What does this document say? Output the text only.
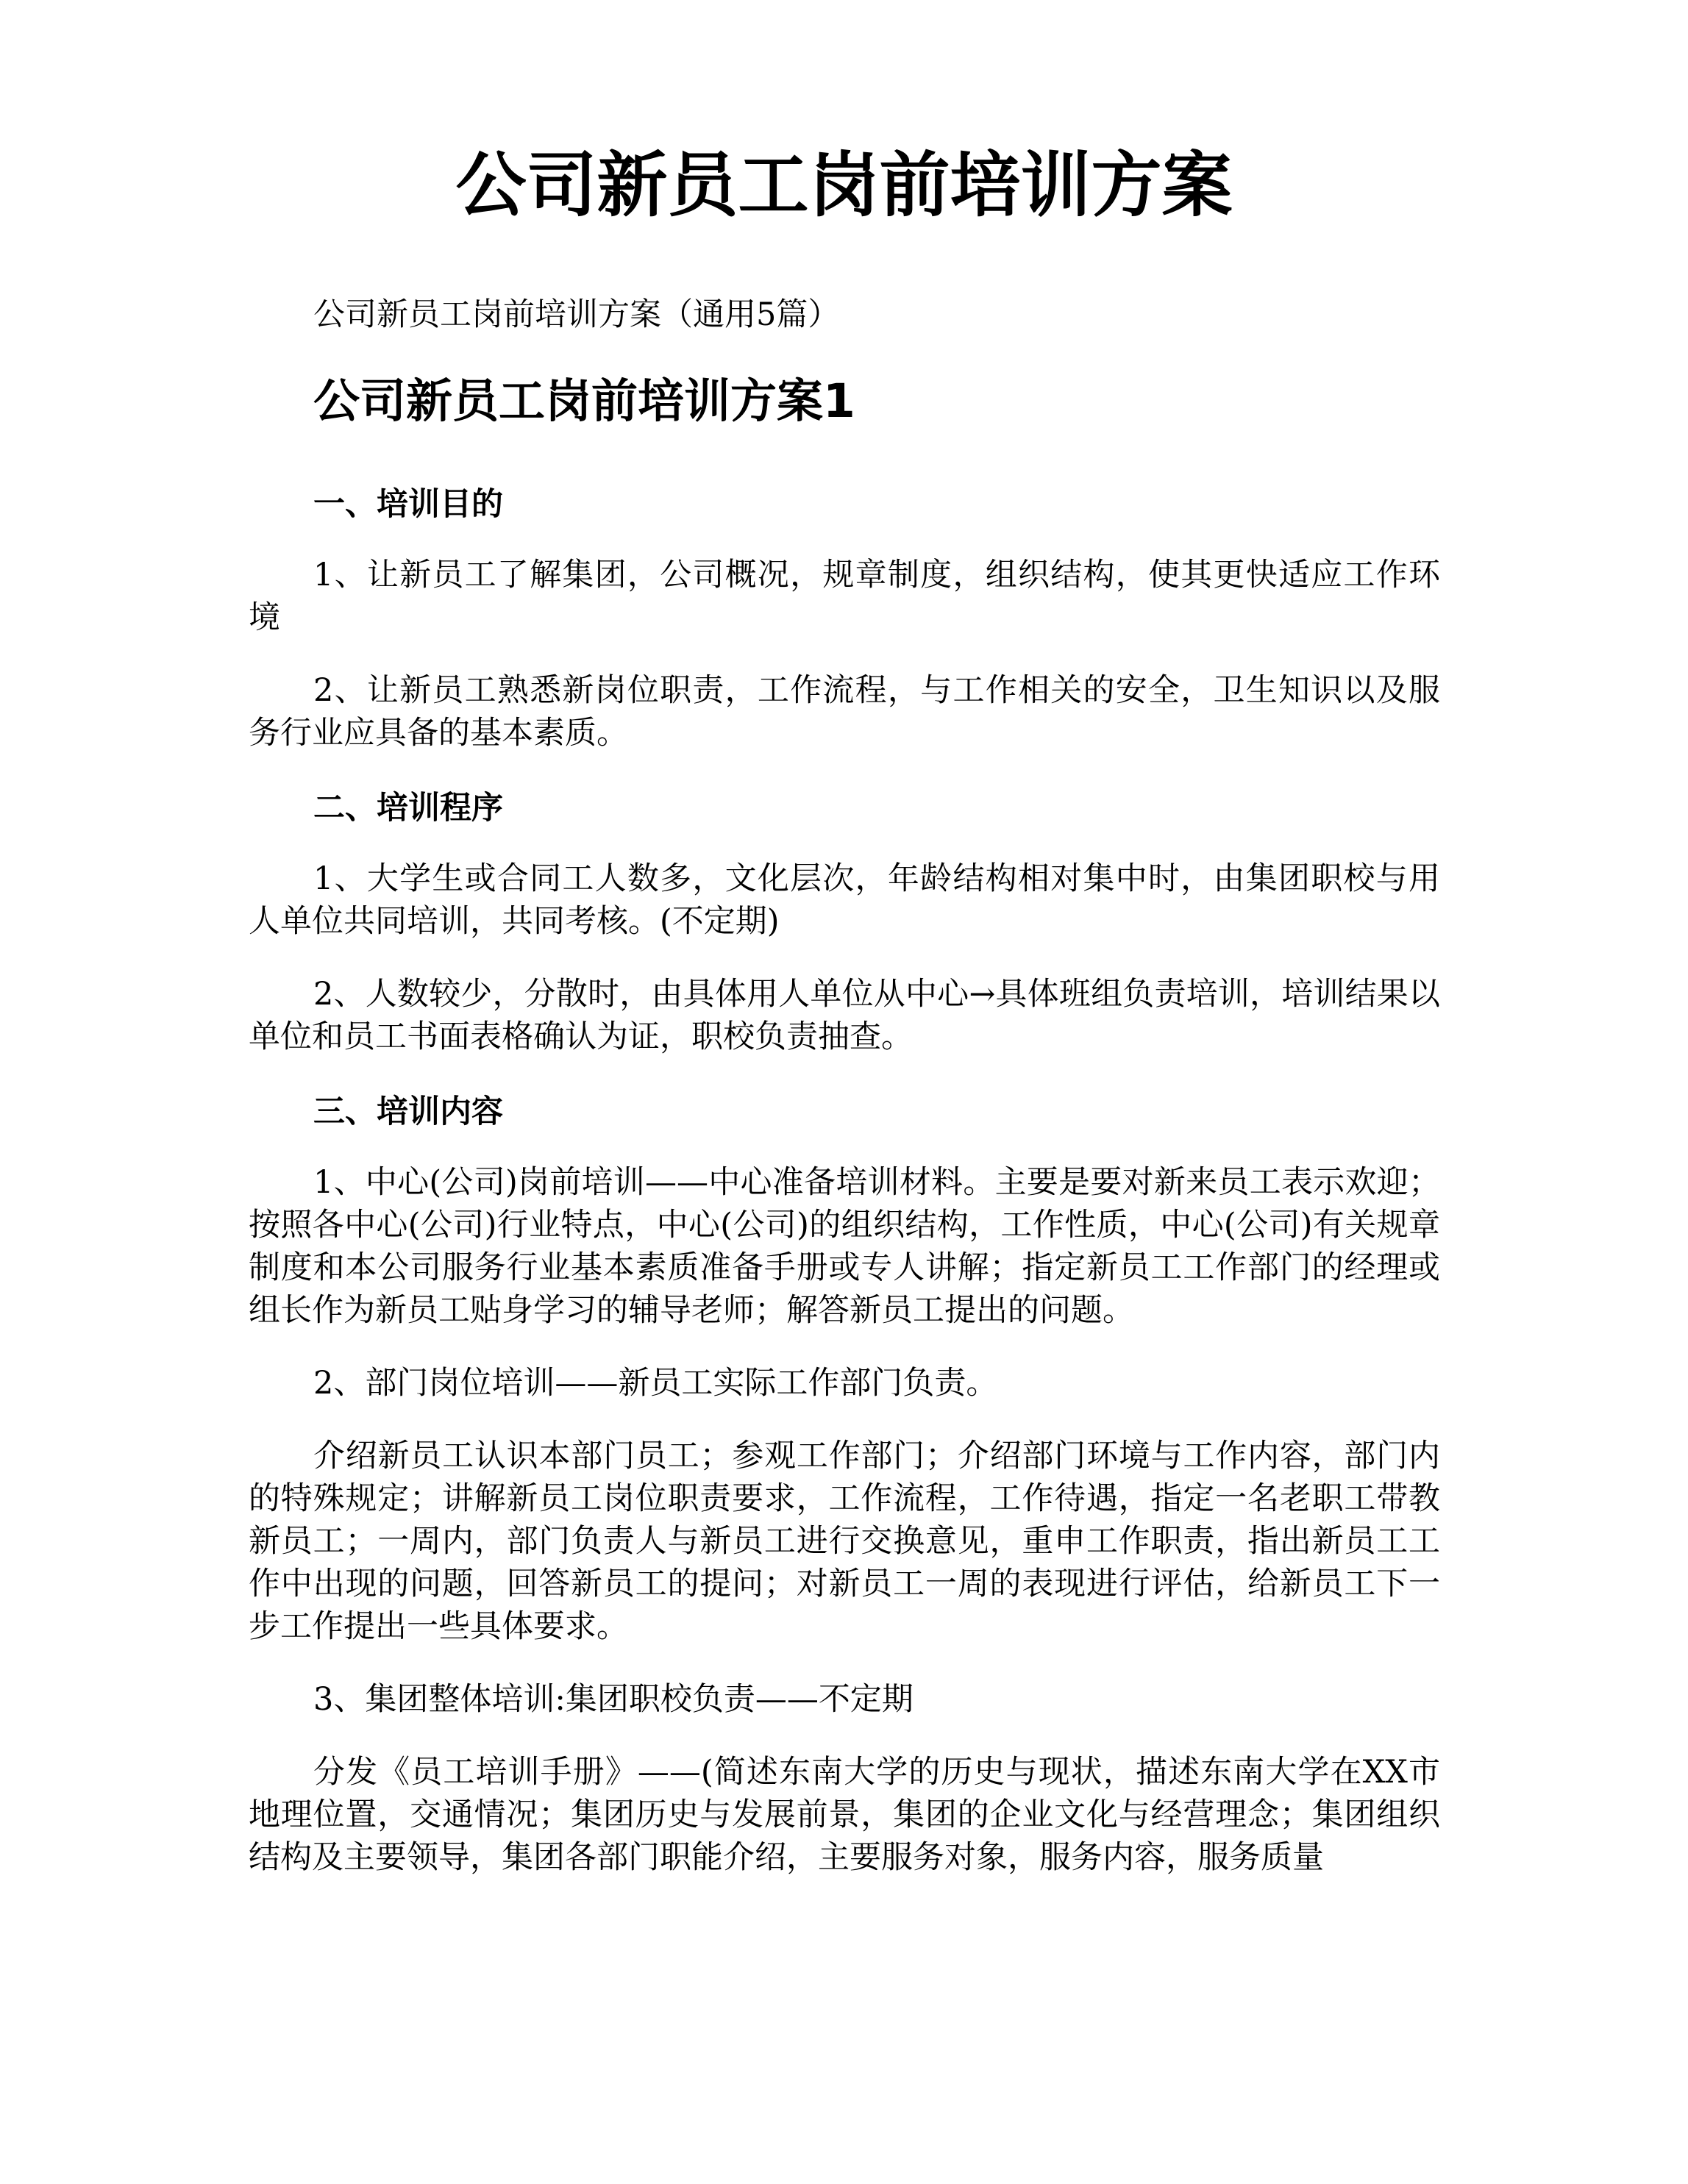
公司新员工岗前培训方案

公司新员工岗前培训方案（通用5篇）

公司新员工岗前培训方案1

一、培训目的

1、让新员工了解集团，公司概况，规章制度，组织结构，使其更快适应工作环境

2、让新员工熟悉新岗位职责，工作流程，与工作相关的安全，卫生知识以及服务行业应具备的基本素质。

二、培训程序

1、大学生或合同工人数多，文化层次，年龄结构相对集中时，由集团职校与用人单位共同培训，共同考核。(不定期)

2、人数较少，分散时，由具体用人单位从中心→具体班组负责培训，培训结果以单位和员工书面表格确认为证，职校负责抽查。

三、培训内容

1、中心(公司)岗前培训——中心准备培训材料。主要是要对新来员工表示欢迎；按照各中心(公司)行业特点，中心(公司)的组织结构，工作性质，中心(公司)有关规章制度和本公司服务行业基本素质准备手册或专人讲解；指定新员工工作部门的经理或组长作为新员工贴身学习的辅导老师；解答新员工提出的问题。

2、部门岗位培训——新员工实际工作部门负责。

介绍新员工认识本部门员工；参观工作部门；介绍部门环境与工作内容，部门内的特殊规定；讲解新员工岗位职责要求，工作流程，工作待遇，指定一名老职工带教新员工；一周内，部门负责人与新员工进行交换意见，重申工作职责，指出新员工工作中出现的问题，回答新员工的提问；对新员工一周的表现进行评估，给新员工下一步工作提出一些具体要求。

3、集团整体培训:集团职校负责——不定期

分发《员工培训手册》——(简述东南大学的历史与现状，描述东南大学在XX市地理位置，交通情况；集团历史与发展前景，集团的企业文化与经营理念；集团组织结构及主要领导，集团各部门职能介绍，主要服务对象，服务内容，服务质量
